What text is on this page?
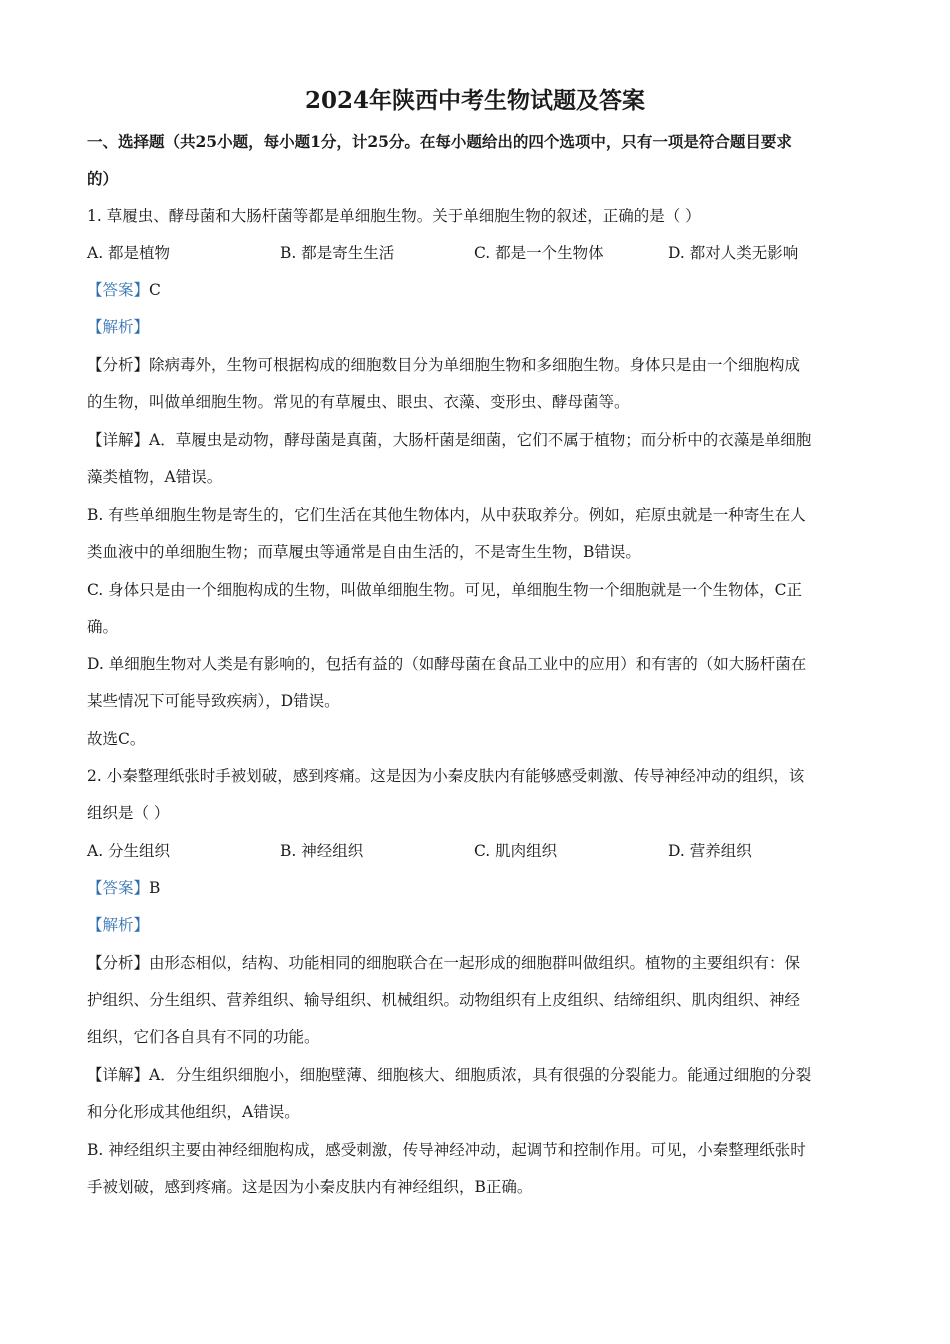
2024年陕西中考生物试题及答案
一、选择题（共25小题，每小题1分，计25分。在每小题给出的四个选项中，只有一项是符合题目要求
的）
1. 草履虫、酵母菌和大肠杆菌等都是单细胞生物。关于单细胞生物的叙述，正确的是（ ）
A. 都是植物	B. 都是寄生生活	C. 都是一个生物体	D. 都对人类无影响
【答案】C
【解析】
【分析】除病毒外，生物可根据构成的细胞数目分为单细胞生物和多细胞生物。身体只是由一个细胞构成
的生物，叫做单细胞生物。常见的有草履虫、眼虫、衣藻、变形虫、酵母菌等。
【详解】A．草履虫是动物，酵母菌是真菌，大肠杆菌是细菌，它们不属于植物；而分析中的衣藻是单细胞
藻类植物，A错误。
B. 有些单细胞生物是寄生的，它们生活在其他生物体内，从中获取养分。例如，疟原虫就是一种寄生在人
类血液中的单细胞生物；而草履虫等通常是自由生活的，不是寄生生物，B错误。
C. 身体只是由一个细胞构成的生物，叫做单细胞生物。可见，单细胞生物一个细胞就是一个生物体，C正
确。
D. 单细胞生物对人类是有影响的，包括有益的（如酵母菌在食品工业中的应用）和有害的（如大肠杆菌在
某些情况下可能导致疾病），D错误。
故选C。
2. 小秦整理纸张时手被划破，感到疼痛。这是因为小秦皮肤内有能够感受刺激、传导神经冲动的组织，该
组织是（ ）
A. 分生组织	B. 神经组织	C. 肌肉组织	D. 营养组织
【答案】B
【解析】
【分析】由形态相似，结构、功能相同的细胞联合在一起形成的细胞群叫做组织。植物的主要组织有：保
护组织、分生组织、营养组织、输导组织、机械组织。动物组织有上皮组织、结缔组织、肌肉组织、神经
组织，它们各自具有不同的功能。
【详解】A．分生组织细胞小，细胞壁薄、细胞核大、细胞质浓，具有很强的分裂能力。能通过细胞的分裂
和分化形成其他组织，A错误。
B. 神经组织主要由神经细胞构成，感受刺激，传导神经冲动，起调节和控制作用。可见，小秦整理纸张时
手被划破，感到疼痛。这是因为小秦皮肤内有神经组织，B正确。
